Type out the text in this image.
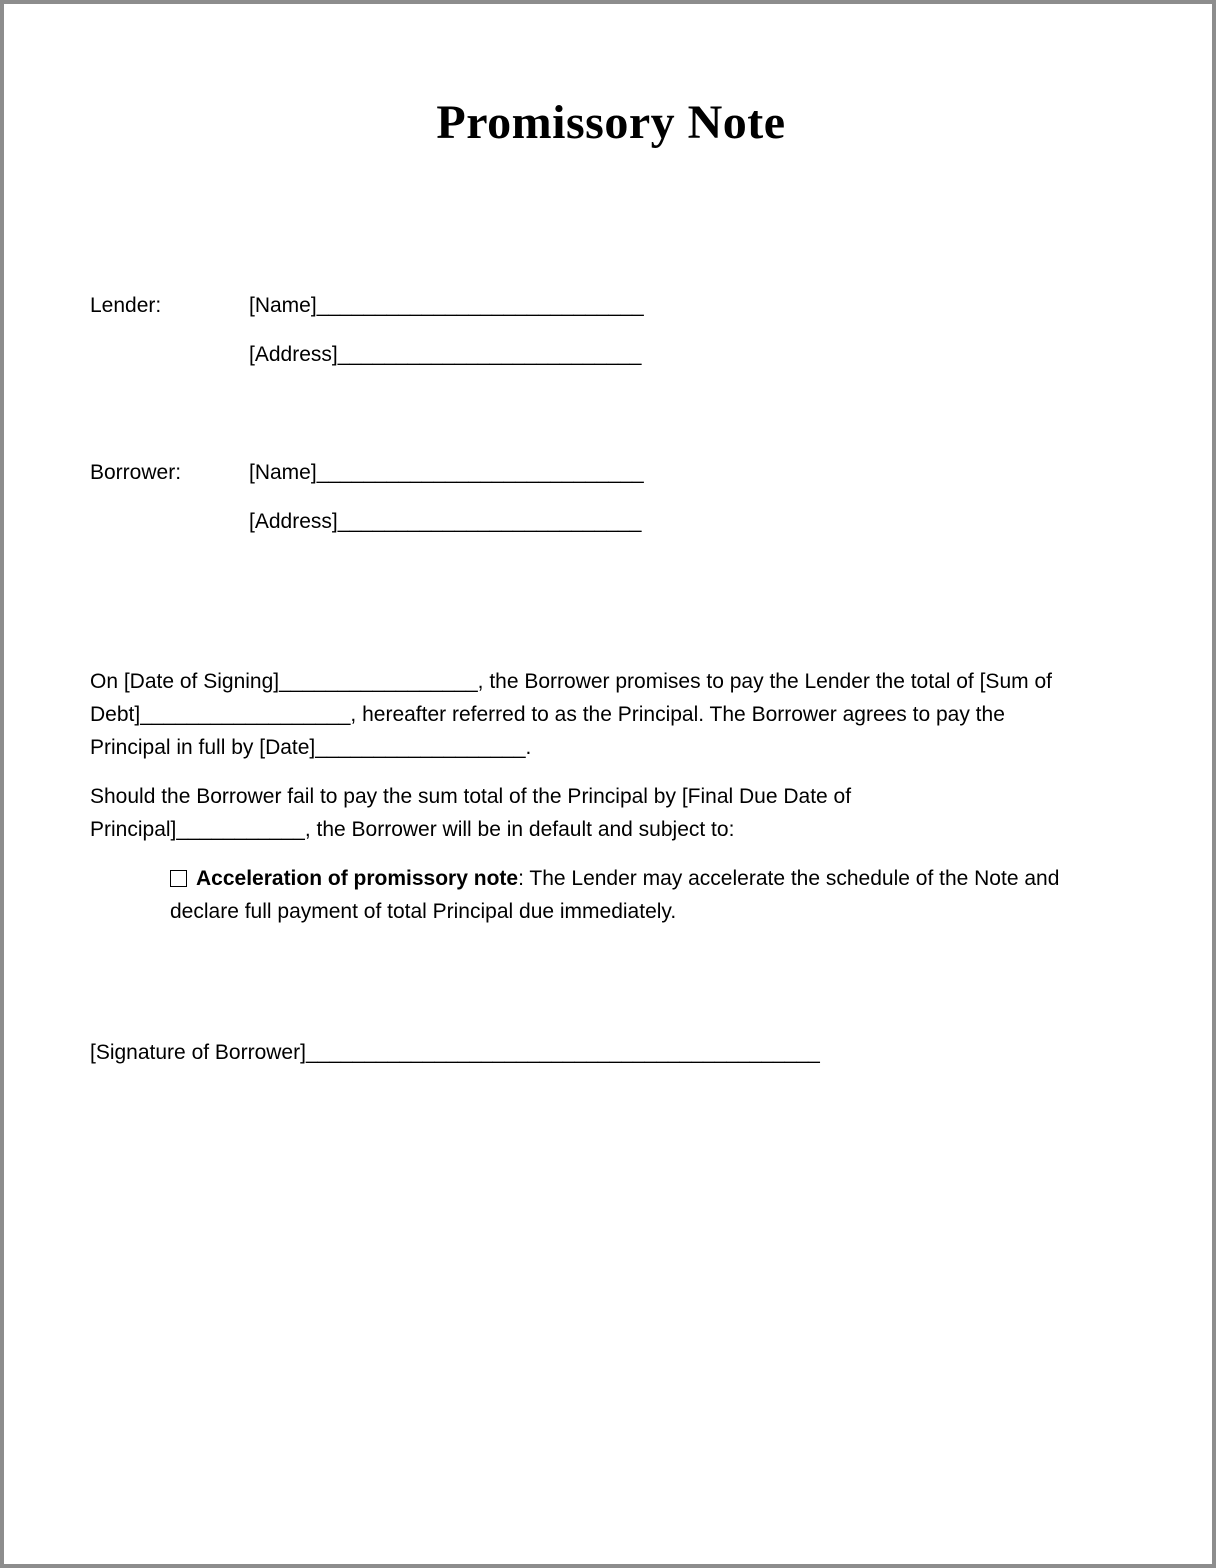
Promissory Note
Lender:	[Name]____________________________
[Address]__________________________
Borrower:	[Name]____________________________
[Address]__________________________
On [Date of Signing]_________________, the Borrower promises to pay the Lender the total of [Sum of
Debt]__________________, hereafter referred to as the Principal. The Borrower agrees to pay the
Principal in full by [Date]__________________.
Should the Borrower fail to pay the sum total of the Principal by [Final Due Date of
Principal]___________, the Borrower will be in default and subject to:
Acceleration of promissory note: The Lender may accelerate the schedule of the Note and
declare full payment of total Principal due immediately.
[Signature of Borrower]____________________________________________
